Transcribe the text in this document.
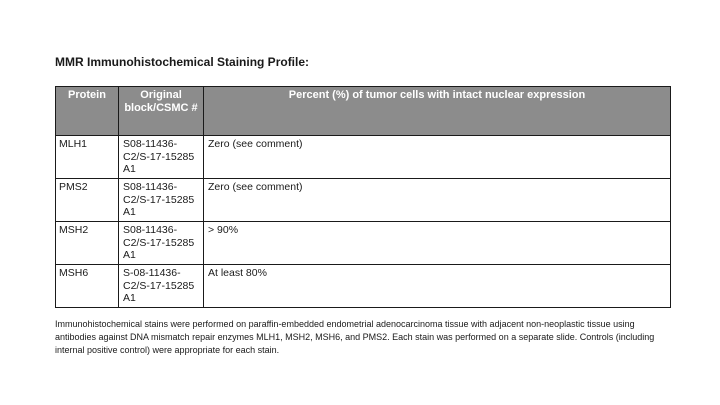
MMR Immunohistochemical Staining Profile:
Protein	Original block/CSMC #	Percent (%) of tumor cells with intact nuclear expression
MLH1	S08-11436-C2/S-17-15285 A1	Zero (see comment)
PMS2	S08-11436-C2/S-17-15285 A1	Zero (see comment)
MSH2	S08-11436-C2/S-17-15285 A1	> 90%
MSH6	S-08-11436-C2/S-17-15285 A1	At least 80%
Immunohistochemical stains were performed on paraffin-embedded endometrial adenocarcinoma tissue with adjacent non-neoplastic tissue using antibodies against DNA mismatch repair enzymes MLH1, MSH2, MSH6, and PMS2. Each stain was performed on a separate slide. Controls (including internal positive control) were appropriate for each stain.
